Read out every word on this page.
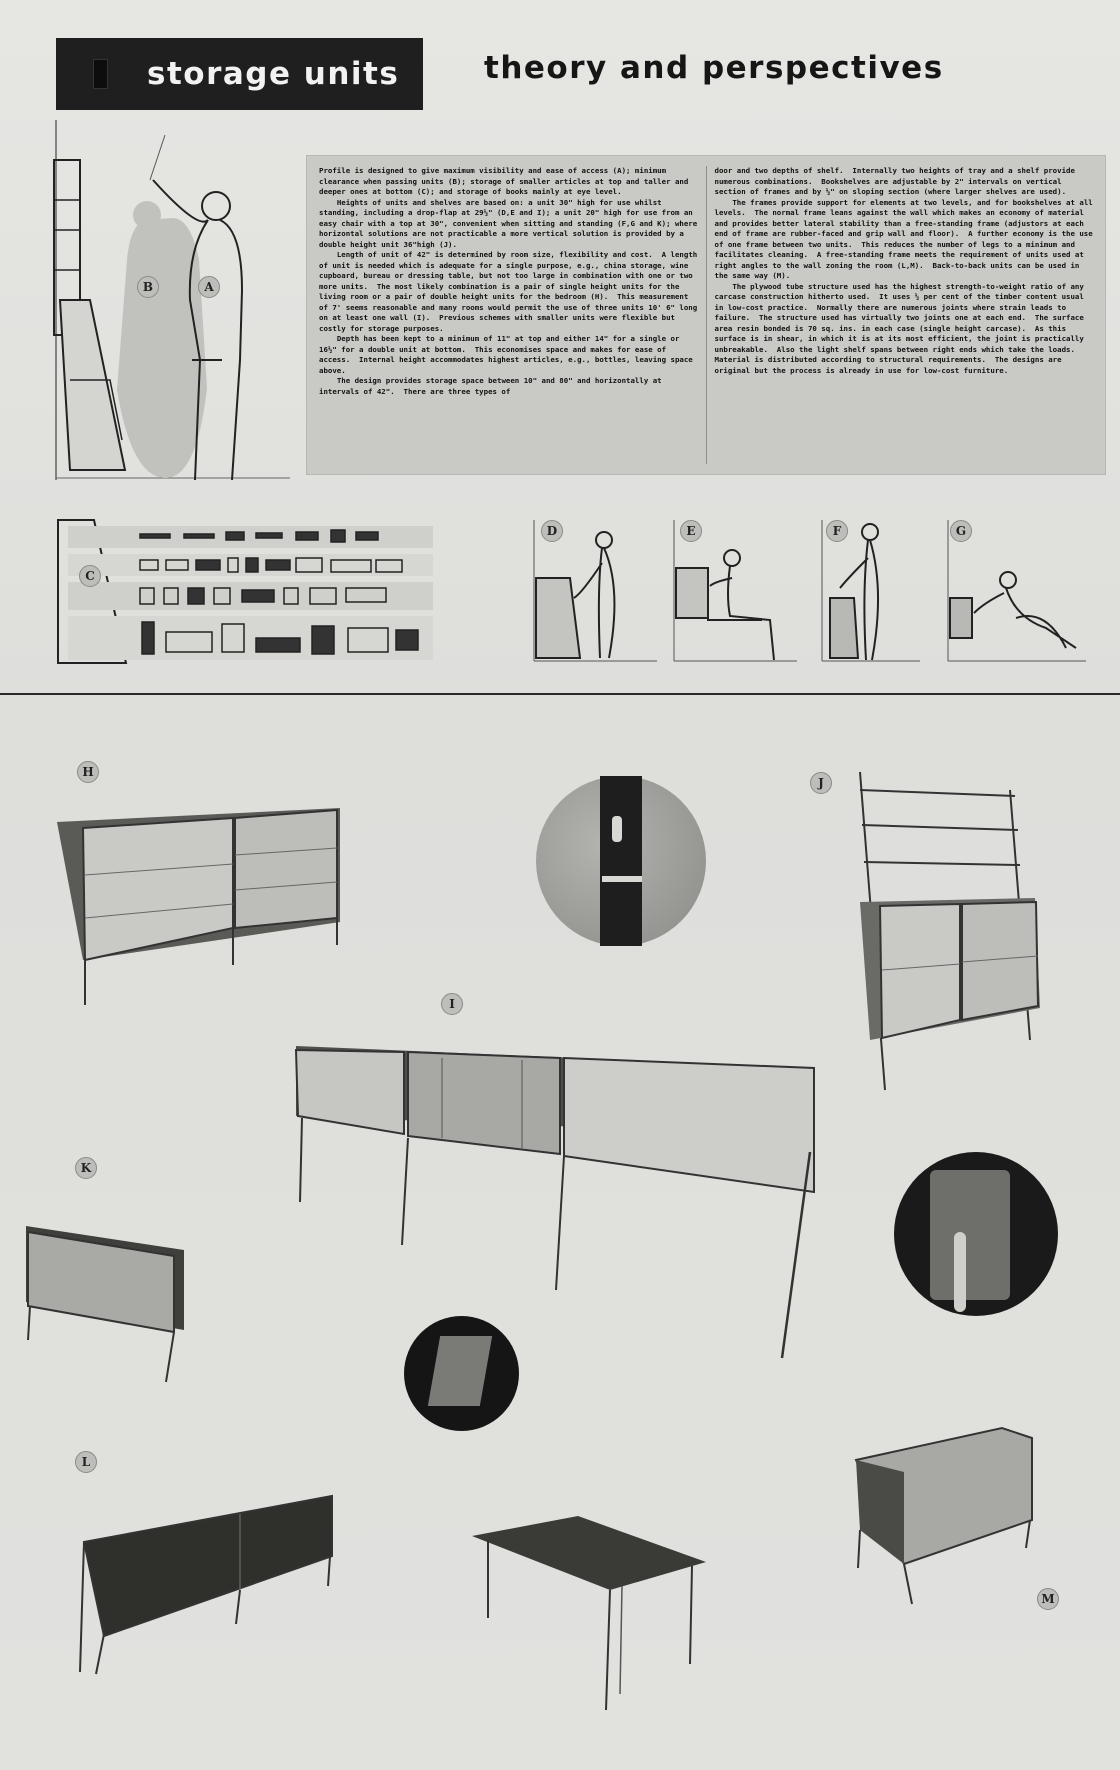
storage units	theory and perspectives
B	A
Profile is designed to give maximum visibility and ease of access (A); minimum clearance when passing units (B); storage of smaller articles at top and taller and deeper ones at bottom (C); and storage of books mainly at eye level.
Heights of units and shelves are based on: a unit 30" high for use whilst standing, including a drop-flap at 29½" (D,E and I); a unit 20" high for use from an easy chair with a top at 30", convenient when sitting and standing (F,G and K); where horizontal solutions are not practicable a more vertical solution is provided by a double height unit 36"high (J).
Length of unit of 42" is determined by room size, flexibility and cost.  A length of unit is needed which is adequate for a single purpose, e.g., china storage, wine cupboard, bureau or dressing table, but not too large in combination with one or two more units.  The most likely combination is a pair of single height units for the living room or a pair of double height units for the bedroom (H).  This measurement of 7' seems reasonable and many rooms would permit the use of three units 10' 6" long on at least one wall (I).  Previous schemes with smaller units were flexible but costly for storage purposes.
Depth has been kept to a minimum of 11" at top and either 14" for a single or 16½" for a double unit at bottom.  This economises space and makes for ease of access.  Internal height accommodates highest articles, e.g., bottles, leaving space above.
The design provides storage space between 10" and 80" and horizontally at intervals of 42".  There are three types of
door and two depths of shelf.  Internally two heights of tray and a shelf provide numerous combinations.  Bookshelves are adjustable by 2" intervals on vertical section of frames and by ½" on sloping section (where larger shelves are used).
The frames provide support for elements at two levels, and for bookshelves at all levels.  The normal frame leans against the wall which makes an economy of material and provides better lateral stability than a free-standing frame (adjustors at each end of frame are rubber-faced and grip wall and floor).  A further economy is the use of one frame between two units.  This reduces the number of legs to a minimum and facilitates cleaning.  A free-standing frame meets the requirement of units used at right angles to the wall zoning the room (L,M).  Back-to-back units can be used in the same way (M).
The plywood tube structure used has the highest strength-to-weight ratio of any carcase construction hitherto used.  It uses ½ per cent of the timber content usual in low-cost practice.  Normally there are numerous joints where strain leads to failure.  The structure used has virtually two joints one at each end.  The surface area resin bonded is 70 sq. ins. in each case (single height carcase).  As this surface is in shear, in which it is at its most efficient, the joint is practically unbreakable.  Also the light shelf spans between right ends which take the loads.  Material is distributed according to structural requirements.  The designs are original but the process is already in use for low-cost furniture.
C
D	E	F	G
H
J
I
K
L
M
